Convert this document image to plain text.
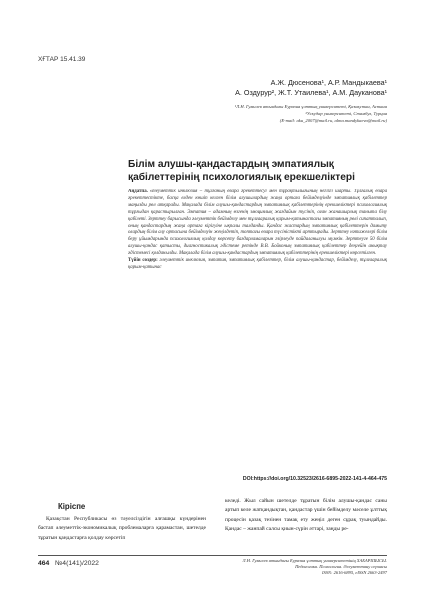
ХҒТАР 15.41.39
А.Ж. Дюсенова¹, А.Р. Мандыкаева¹
А. Оздурур², Ж.Т. Утаилева¹, А.М. Дауканова¹
¹Л.Н. Гумилев атындағы Еуразия ұлттық университеті, Қазақстан, Астана
²Ускудар университеті, Стамбул, Турция
(E-mail: aku_2007@mail.ru, alma.mandykaeva@mail.ru)
Білім алушы-қандастардың эмпатиялық қабілеттерінің психологиялық ерекшеліктері
Аңдатпа. Әлеуметтік инклюзия – тұлғаның өзара әрекеттесуі мен тұрақтылығының негізгі шарты. Тұлғалық өзара әрекеттестікте, басқа елден көшіп келген білім алушылардың жаңа ортаға бейімделуінде эмпатиялық қабілеттер маңызды рөл атқарады. Мақалада білім алушы-қандастардың эмпатиялық қабілеттерінің ерекшеліктері психологиялық тұрғыдан қарастырылған. Эмпатия – адамның өзгенің эмоциялық жағдайын түсініп, оған жанашырлық таныта білу қабілеті. Зерттеу барысында әлеуметтік бейімделу мен тұлғааралық қарым-қатынастағы эмпатияның рөлі сипатталып, оның қандастардың жаңа ортаға кірігуіне ықпалы талданды. Қандас жастардың эмпатиялық қабілеттерін дамыту олардың білім алу ортасына бейімделуін жеңілдетіп, топтағы өзара түсіністікті арттырады. Зерттеу нәтижелері білім беру ұйымдарында психологиялық қолдау көрсету бағдарламаларын әзірлеуде пайдаланылуы мүмкін. Зерттеуге 50 білім алушы-қандас қатысты, диагностикалық әдістеме ретінде В.В. Бойконың эмпатиялық қабілеттер деңгейін анықтау әдістемесі қолданылды. Мақалада білім алушы-қандастардың эмпатиялық қабілеттерінің ерекшеліктері көрсетілген.
Түйін сөздер: әлеуметтік инклюзия, эмпатия, эмпатиялық қабілеттер, білім алушы-қандастар, бейімделу, тұлғааралық қарым-қатынас
DOI:https://doi.org/10.32523/2616-6895-2022-141-4-464-475
Кіріспе
Қазақстан Республикасы өз тәуелсіздігін алғашқы күндерінен бастап әлеуметтік-экономикалық проблемаларға қарамастан, шетелде тұратын қандастарға қолдау көрсетіп
келеді. Жыл сайын шетелде тұратын білім алушы-қандас саны артып келе жатқандықтан, қандастар үшін бейімделу мәселе ұлттық процесін қазақ тезінен тамақ ету жеңіл деген сұрақ туындайды. Қандас – жанпай салсы қиын-сүрін әттарі, заңды ре-
464 №4(141)/2022	Л.Н. Гумилев атындағы Еуразия ұлттық университетінің ХАБАРШЫСЫ.
Педагогика. Психология. Әлеуметтану сериясы
ISSN: 2616-6895, eISSN 2663-2497
